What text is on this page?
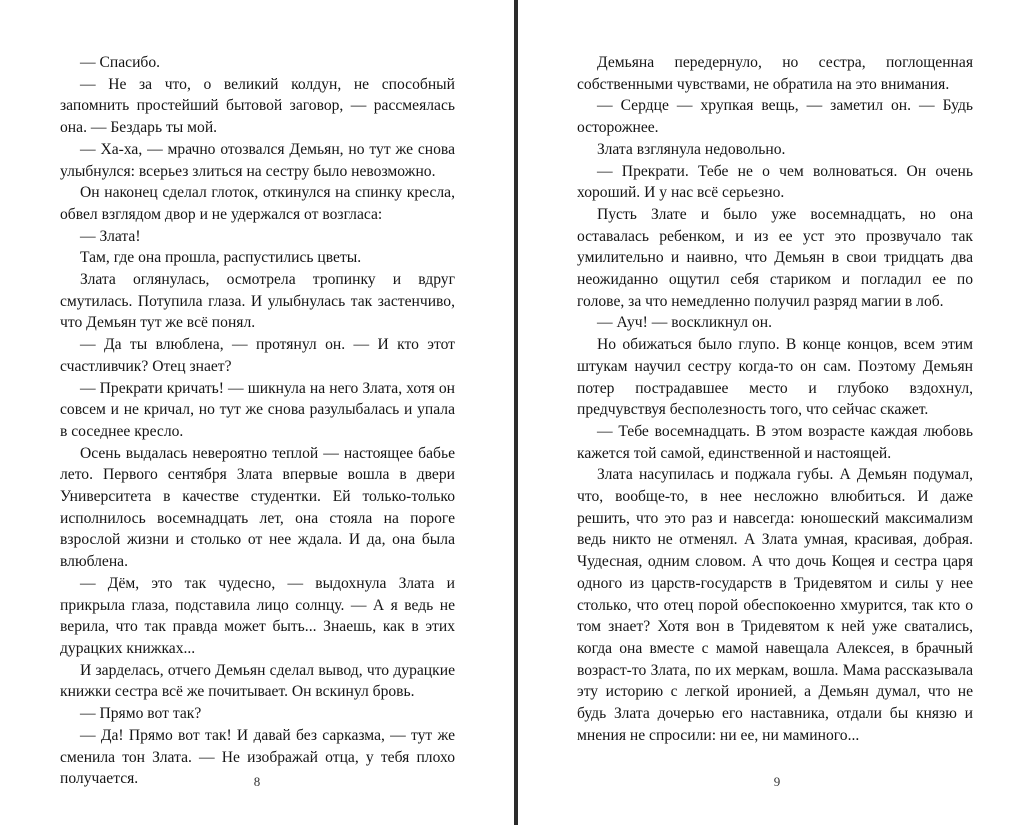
— Спасибо.

— Не за что, о великий колдун, не способный запомнить простейший бытовой заговор, — рассмеялась она. — Бездарь ты мой.

— Ха-ха, — мрачно отозвался Демьян, но тут же снова улыбнулся: всерьез злиться на сестру было невозможно.

Он наконец сделал глоток, откинулся на спинку кресла, обвел взглядом двор и не удержался от возгласа:

— Злата!

Там, где она прошла, распустились цветы.

Злата оглянулась, осмотрела тропинку и вдруг смутилась. Потупила глаза. И улыбнулась так застенчиво, что Демьян тут же всё понял.

— Да ты влюблена, — протянул он. — И кто этот счастливчик? Отец знает?

— Прекрати кричать! — шикнула на него Злата, хотя он совсем и не кричал, но тут же снова разулыбалась и упала в соседнее кресло.

Осень выдалась невероятно теплой — настоящее бабье лето. Первого сентября Злата впервые вошла в двери Университета в качестве студентки. Ей только-только исполнилось восемнадцать лет, она стояла на пороге взрослой жизни и столько от нее ждала. И да, она была влюблена.

— Дём, это так чудесно, — выдохнула Злата и прикрыла глаза, подставила лицо солнцу. — А я ведь не верила, что так правда может быть... Знаешь, как в этих дурацких книжках...

И зарделась, отчего Демьян сделал вывод, что дурацкие книжки сестра всё же почитывает. Он вскинул бровь.

— Прямо вот так?

— Да! Прямо вот так! И давай без сарказма, — тут же сменила тон Злата. — Не изображай отца, у тебя плохо получается.	8

Демьяна передернуло, но сестра, поглощенная собственными чувствами, не обратила на это внимания.

— Сердце — хрупкая вещь, — заметил он. — Будь осторожнее.

Злата взглянула недовольно.

— Прекрати. Тебе не о чем волноваться. Он очень хороший. И у нас всё серьезно.

Пусть Злате и было уже восемнадцать, но она оставалась ребенком, и из ее уст это прозвучало так умилительно и наивно, что Демьян в свои тридцать два неожиданно ощутил себя стариком и погладил ее по голове, за что немедленно получил разряд магии в лоб.

— Ауч! — воскликнул он.

Но обижаться было глупо. В конце концов, всем этим штукам научил сестру когда-то он сам. Поэтому Демьян потер пострадавшее место и глубоко вздохнул, предчувствуя бесполезность того, что сейчас скажет.

— Тебе восемнадцать. В этом возрасте каждая любовь кажется той самой, единственной и настоящей.

Злата насупилась и поджала губы. А Демьян подумал, что, вообще-то, в нее несложно влюбиться. И даже решить, что это раз и навсегда: юношеский максимализм ведь никто не отменял. А Злата умная, красивая, добрая. Чудесная, одним словом. А что дочь Кощея и сестра царя одного из царств-государств в Тридевятом и силы у нее столько, что отец порой обеспокоенно хмурится, так кто о том знает? Хотя вон в Тридевятом к ней уже сватались, когда она вместе с мамой навещала Алексея, в брачный возраст-то Злата, по их меркам, вошла. Мама рассказывала эту историю с легкой иронией, а Демьян думал, что не будь Злата дочерью его наставника, отдали бы князю и мнения не спросили: ни ее, ни маминого...

9
